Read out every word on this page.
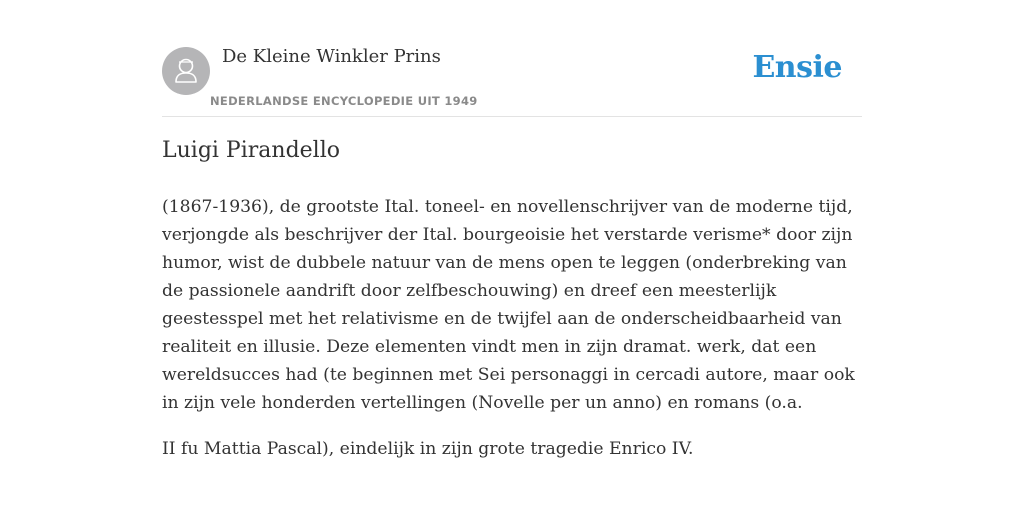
De Kleine Winkler Prins
NEDERLANDSE ENCYCLOPEDIE UIT 1949
Ensie
Luigi Pirandello

(1867-1936), de grootste Ital. toneel- en novellenschrijver van de moderne tijd, verjongde als beschrijver der Ital. bourgeoisie het verstarde verisme* door zijn humor, wist de dubbele natuur van de mens open te leggen (onderbreking van de passionele aandrift door zelfbeschouwing) en dreef een meesterlijk geestesspel met het relativisme en de twijfel aan de onderscheidbaarheid van realiteit en illusie. Deze elementen vindt men in zijn dramat. werk, dat een wereldsucces had (te beginnen met Sei personaggi in cercadi autore, maar ook in zijn vele honderden vertellingen (Novelle per un anno) en romans (o.a.

II fu Mattia Pascal), eindelijk in zijn grote tragedie Enrico IV.
